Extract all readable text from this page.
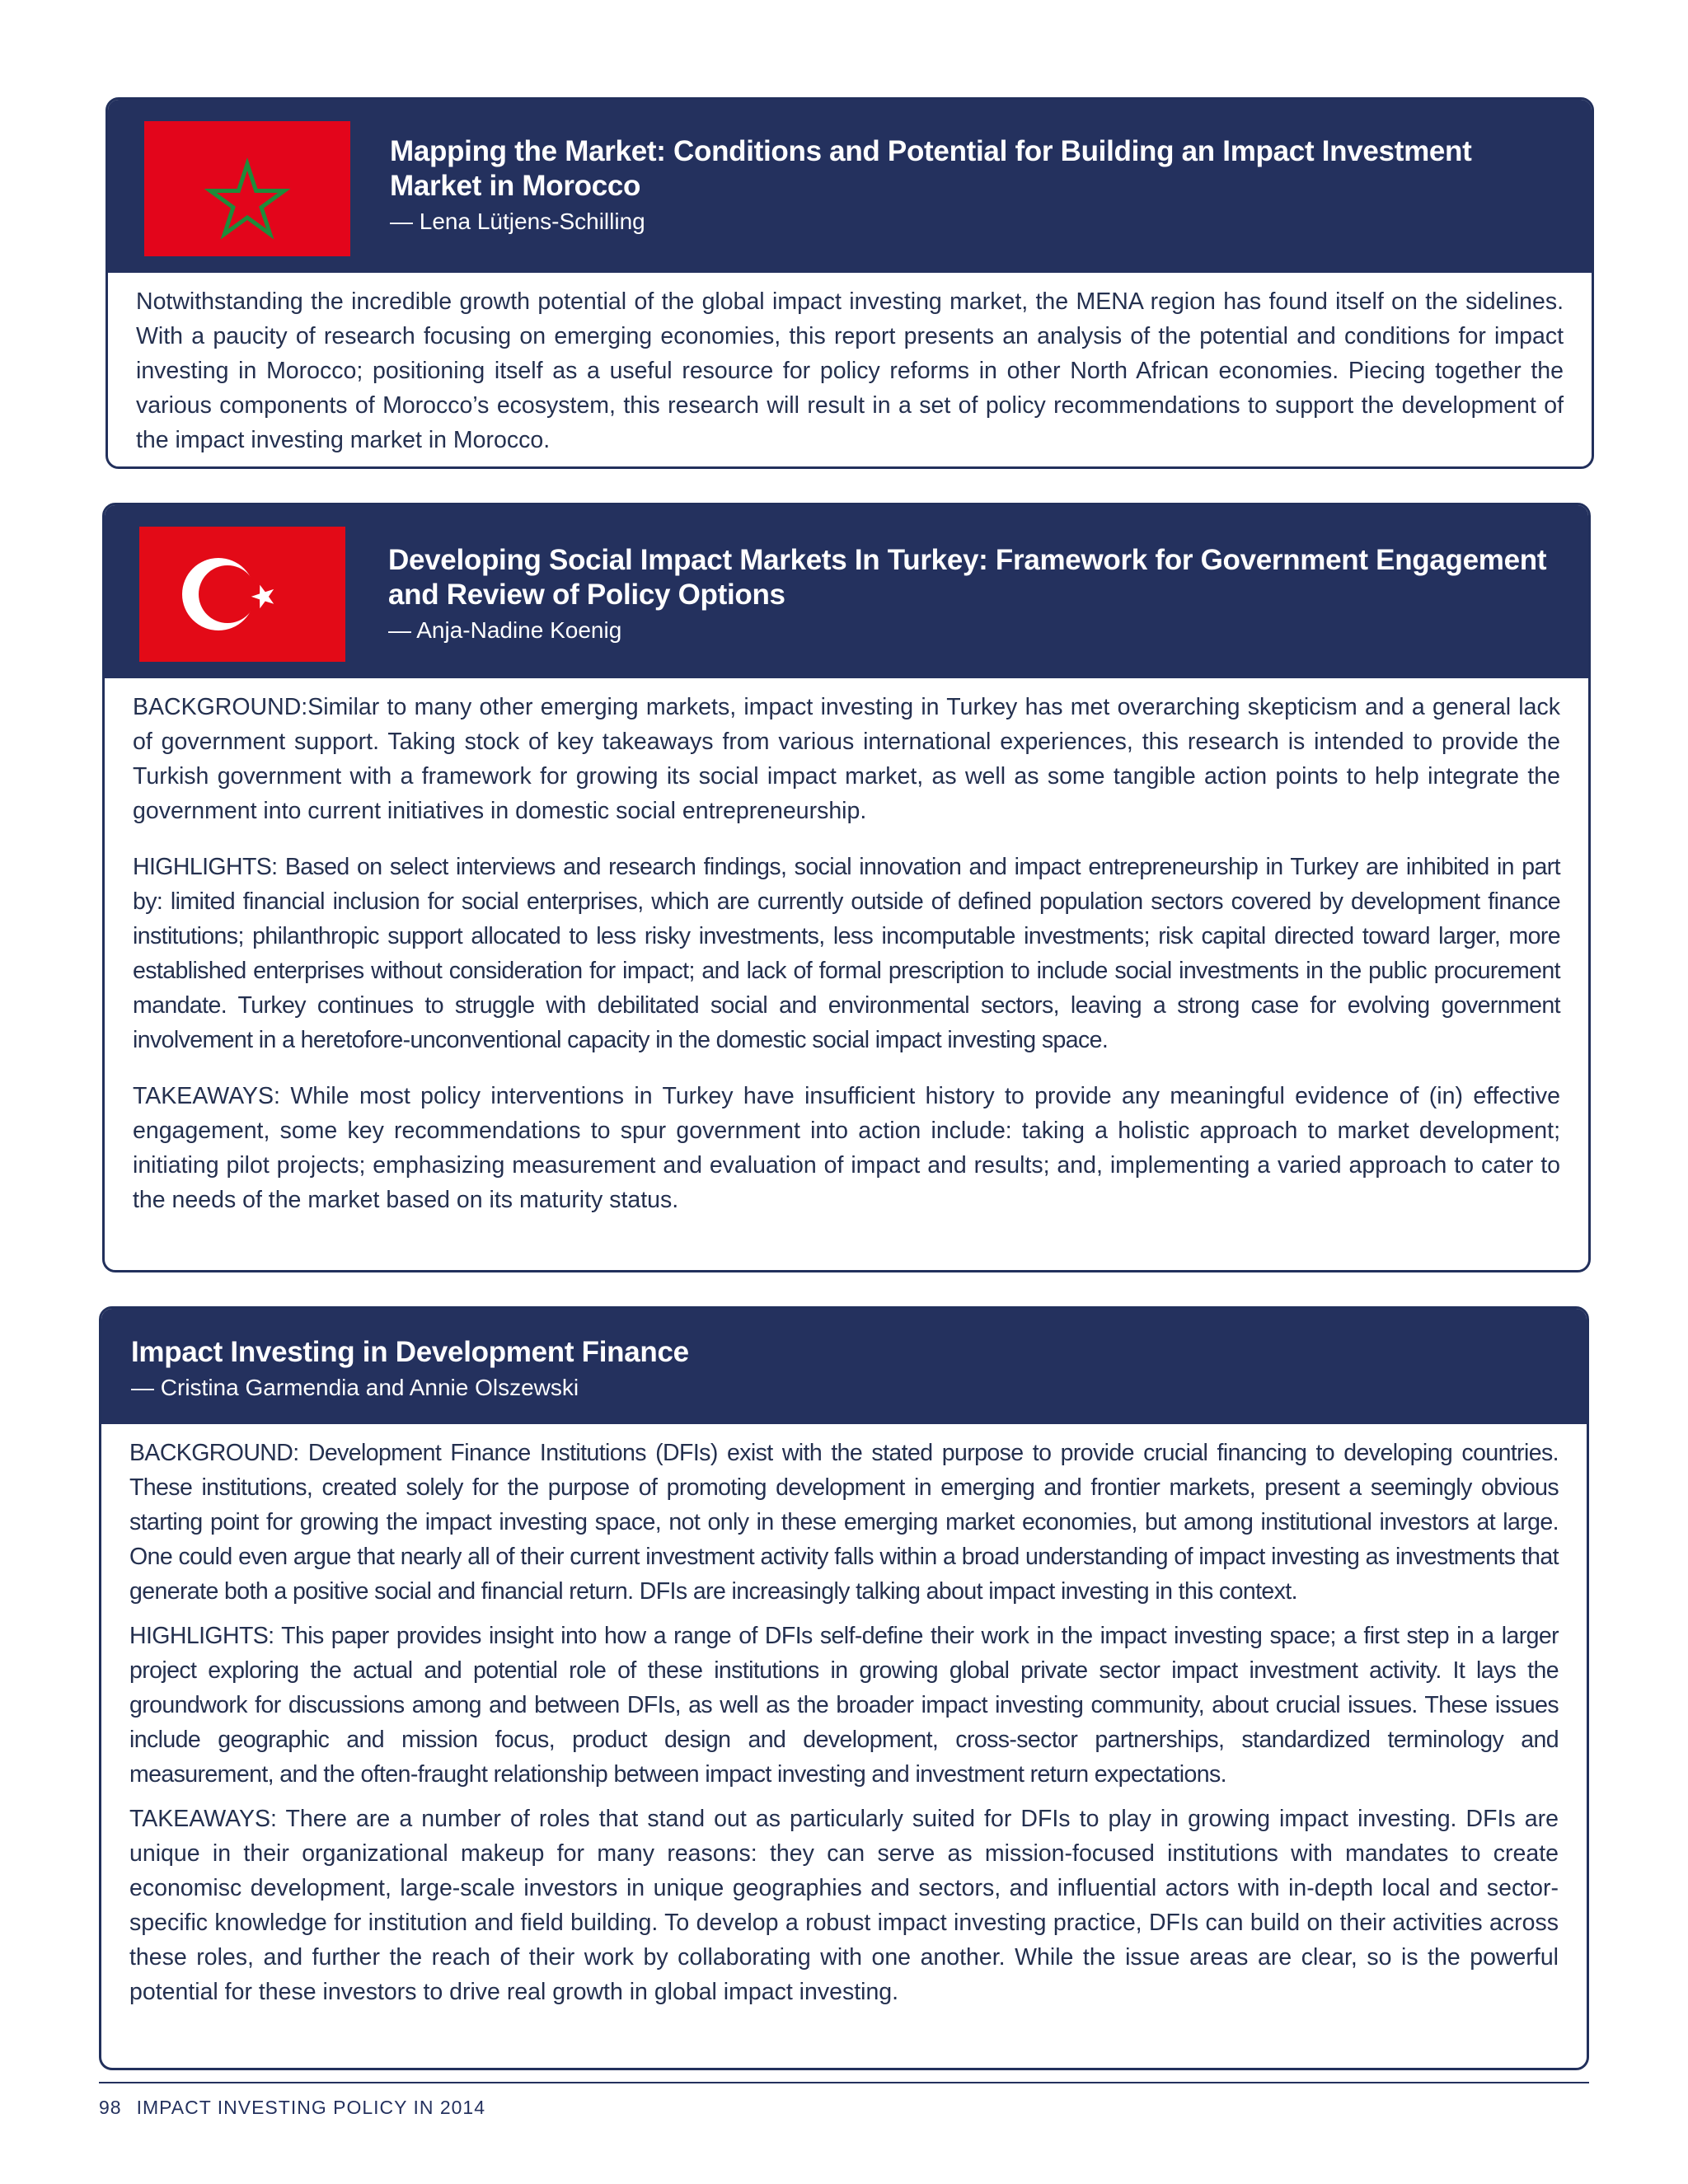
Mapping the Market: Conditions and Potential for Building an Impact Investment Market in Morocco
— Lena Lütjens-Schilling

Notwithstanding the incredible growth potential of the global impact investing market, the MENA region has found itself on the sidelines. With a paucity of research focusing on emerging economies, this report presents an analysis of the potential and conditions for impact investing in Morocco; positioning itself as a useful resource for policy reforms in other North African economies. Piecing together the various components of Morocco’s ecosystem, this research will result in a set of policy recommendations to support the development of the impact investing market in Morocco.

Developing Social Impact Markets In Turkey: Framework for Government Engagement and Review of Policy Options
— Anja-Nadine Koenig

BACKGROUND:Similar to many other emerging markets, impact investing in Turkey has met overarching skepticism and a general lack of government support. Taking stock of key takeaways from various international experiences, this research is intended to provide the Turkish government with a framework for growing its social impact market, as well as some tangible action points to help integrate the government into current initiatives in domestic social entrepreneurship.

HIGHLIGHTS: Based on select interviews and research findings, social innovation and impact entrepreneurship in Turkey are inhibited in part by: limited financial inclusion for social enterprises, which are currently outside of defined population sectors covered by development finance institutions; philanthropic support allocated to less risky investments, less incomputable investments; risk capital directed toward larger, more established enterprises without consideration for impact; and lack of formal prescription to include social investments in the public procurement mandate. Turkey continues to struggle with debilitated social and environmental sectors, leaving a strong case for evolving government involvement in a heretofore-unconventional capacity in the domestic social impact investing space.

TAKEAWAYS: While most policy interventions in Turkey have insufficient history to provide any meaningful evidence of (in) effective engagement, some key recommendations to spur government into action include: taking a holistic approach to market development; initiating pilot projects; emphasizing measurement and evaluation of impact and results; and, implementing a varied approach to cater to the needs of the market based on its maturity status.

Impact Investing in Development Finance
— Cristina Garmendia and Annie Olszewski

BACKGROUND: Development Finance Institutions (DFIs) exist with the stated purpose to provide crucial financing to developing countries. These institutions, created solely for the purpose of promoting development in emerging and frontier markets, present a seemingly obvious starting point for growing the impact investing space, not only in these emerging market economies, but among institutional investors at large. One could even argue that nearly all of their current investment activity falls within a broad understanding of impact investing as investments that generate both a positive social and financial return. DFIs are increasingly talking about impact investing in this context.

HIGHLIGHTS: This paper provides insight into how a range of DFIs self-define their work in the impact investing space; a first step in a larger project exploring the actual and potential role of these institutions in growing global private sector impact investment activity. It lays the groundwork for discussions among and between DFIs, as well as the broader impact investing community, about crucial issues. These issues include geographic and mission focus, product design and development, cross-sector partnerships, standardized terminology and measurement, and the often-fraught relationship between impact investing and investment return expectations.

TAKEAWAYS: There are a number of roles that stand out as particularly suited for DFIs to play in growing impact investing. DFIs are unique in their organizational makeup for many reasons: they can serve as mission-focused institutions with mandates to create economisc development, large-scale investors in unique geographies and sectors, and influential actors with in-depth local and sector-specific knowledge for institution and field building. To develop a robust impact investing practice, DFIs can build on their activities across these roles, and further the reach of their work by collaborating with one another. While the issue areas are clear, so is the powerful potential for these investors to drive real growth in global impact investing.

98 IMPACT INVESTING POLICY IN 2014
